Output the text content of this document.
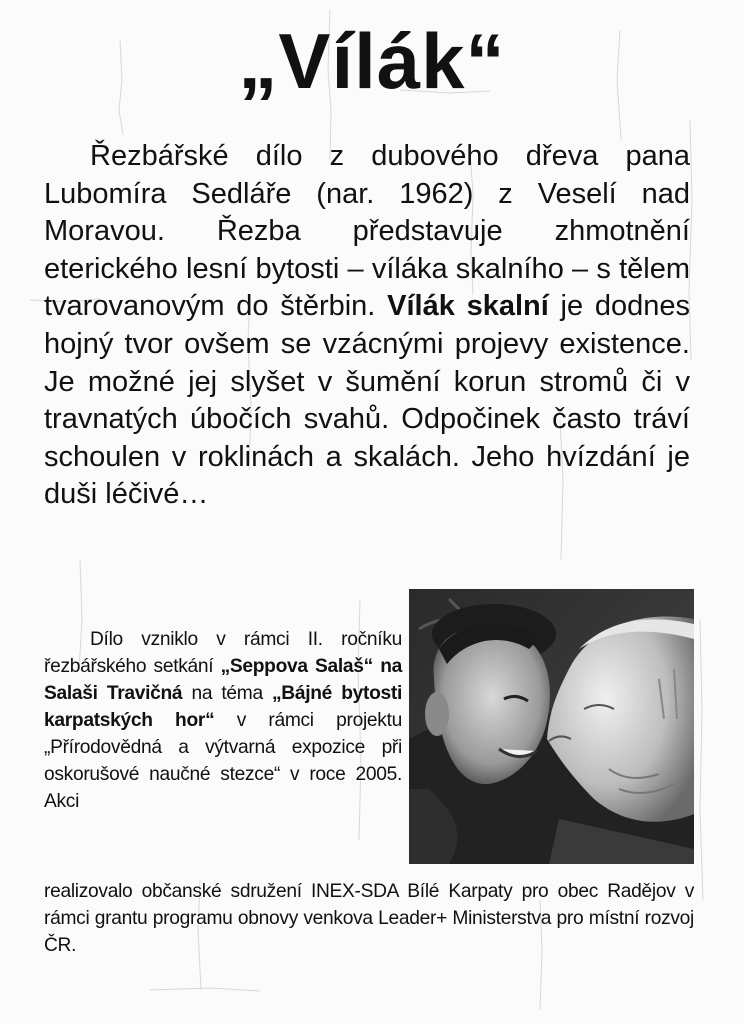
„Vílák“

Řezbářské dílo z dubového dřeva pana Lubomíra Sedláře (nar. 1962) z Veselí nad Moravou. Řezba představuje zhmotnění eterického lesní bytosti – víláka skalního – s tělem tvarovanovým do štěrbin. Vílák skalní je dodnes hojný tvor ovšem se vzácnými projevy existence. Je možné jej slyšet v šumění korun stromů či v travnatých úbočích svahů. Odpočinek často tráví schoulen v roklinách a skalách. Jeho hvízdání je duši léčivé…

Dílo vzniklo v rámci II. ročníku řezbářského setkání „Seppova Salaš“ na Salaši Travičná na téma „Bájné bytosti karpatských hor“ v rámci projektu „Přírodovědná a výtvarná expozice při oskorušové naučné stezce“ v roce 2005. Akci

realizovalo občanské sdružení INEX-SDA Bílé Karpaty pro obec Radějov v rámci grantu programu obnovy venkova Leader+ Ministerstva pro místní rozvoj ČR.
